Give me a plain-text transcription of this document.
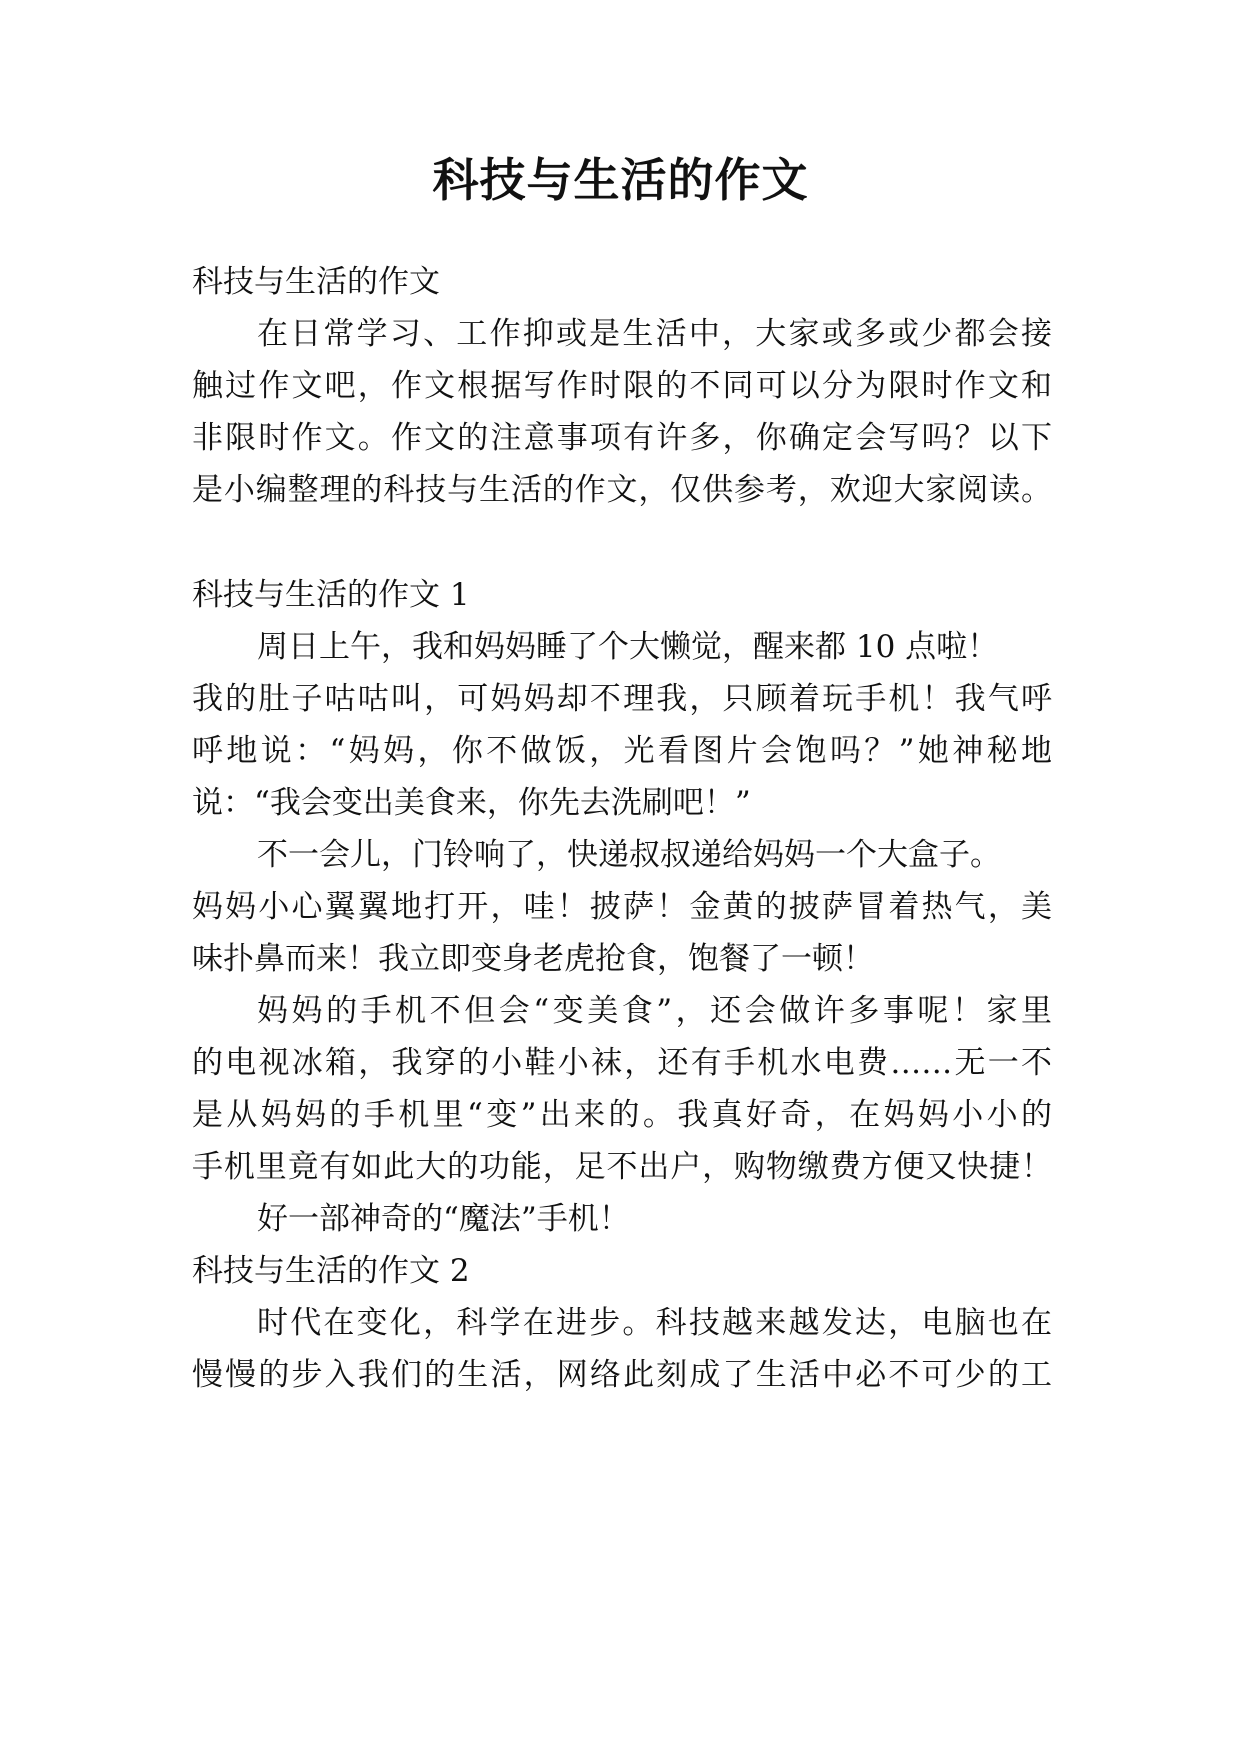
科技与生活的作文

科技与生活的作文

在日常学习、工作抑或是生活中，大家或多或少都会接

触过作文吧，作文根据写作时限的不同可以分为限时作文和

非限时作文。作文的注意事项有许多，你确定会写吗？以下

是小编整理的科技与生活的作文，仅供参考，欢迎大家阅读。

科技与生活的作文 1

周日上午，我和妈妈睡了个大懒觉，醒来都 10 点啦！

我的肚子咕咕叫，可妈妈却不理我，只顾着玩手机！我气呼

呼地说：“妈妈，你不做饭，光看图片会饱吗？”她神秘地

说：“我会变出美食来，你先去洗刷吧！”

不一会儿，门铃响了，快递叔叔递给妈妈一个大盒子。

妈妈小心翼翼地打开，哇！披萨！金黄的披萨冒着热气，美

味扑鼻而来！我立即变身老虎抢食，饱餐了一顿！

妈妈的手机不但会“变美食”，还会做许多事呢！家里

的电视冰箱，我穿的小鞋小袜，还有手机水电费……无一不

是从妈妈的手机里“变”出来的。我真好奇，在妈妈小小的

手机里竟有如此大的功能，足不出户，购物缴费方便又快捷！

好一部神奇的“魔法”手机！

科技与生活的作文 2

时代在变化，科学在进步。科技越来越发达，电脑也在

慢慢的步入我们的生活，网络此刻成了生活中必不可少的工
